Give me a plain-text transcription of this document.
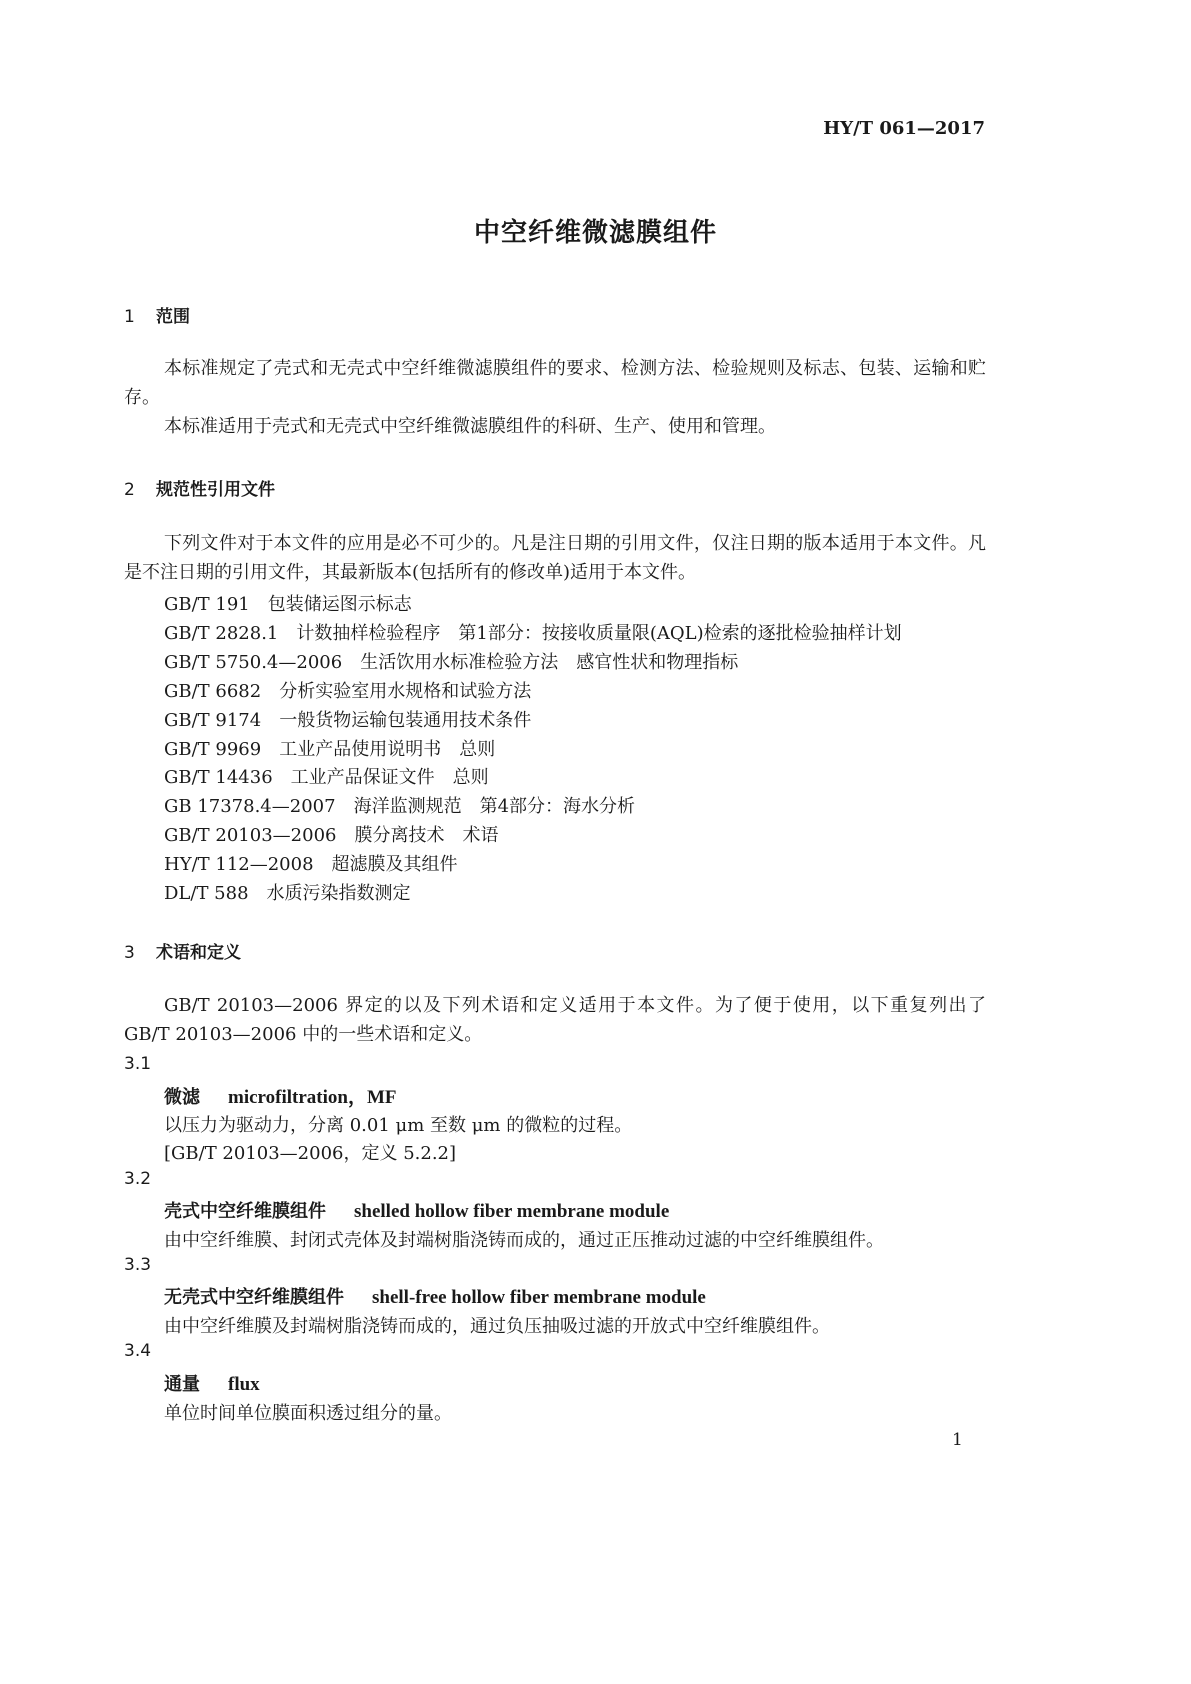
HY/T 061—2017
中空纤维微滤膜组件
1 范围
本标准规定了壳式和无壳式中空纤维微滤膜组件的要求、检测方法、检验规则及标志、包装、运输和贮存。
本标准适用于壳式和无壳式中空纤维微滤膜组件的科研、生产、使用和管理。
2 规范性引用文件
下列文件对于本文件的应用是必不可少的。凡是注日期的引用文件，仅注日期的版本适用于本文件。凡是不注日期的引用文件，其最新版本(包括所有的修改单)适用于本文件。
GB/T 191 包装储运图示标志
GB/T 2828.1 计数抽样检验程序　第1部分：按接收质量限(AQL)检索的逐批检验抽样计划
GB/T 5750.4—2006 生活饮用水标准检验方法　感官性状和物理指标
GB/T 6682 分析实验室用水规格和试验方法
GB/T 9174 一般货物运输包装通用技术条件
GB/T 9969 工业产品使用说明书　总则
GB/T 14436 工业产品保证文件　总则
GB 17378.4—2007 海洋监测规范　第4部分：海水分析
GB/T 20103—2006 膜分离技术　术语
HY/T 112—2008 超滤膜及其组件
DL/T 588 水质污染指数测定
3 术语和定义
GB/T 20103—2006 界定的以及下列术语和定义适用于本文件。为了便于使用，以下重复列出了 GB/T 20103—2006 中的一些术语和定义。
3.1
微滤 microfiltration，MF
以压力为驱动力，分离 0.01 μm 至数 μm 的微粒的过程。
[GB/T 20103—2006，定义 5.2.2]
3.2
壳式中空纤维膜组件 shelled hollow fiber membrane module
由中空纤维膜、封闭式壳体及封端树脂浇铸而成的，通过正压推动过滤的中空纤维膜组件。
3.3
无壳式中空纤维膜组件 shell-free hollow fiber membrane module
由中空纤维膜及封端树脂浇铸而成的，通过负压抽吸过滤的开放式中空纤维膜组件。
3.4
通量 flux
单位时间单位膜面积透过组分的量。
1
